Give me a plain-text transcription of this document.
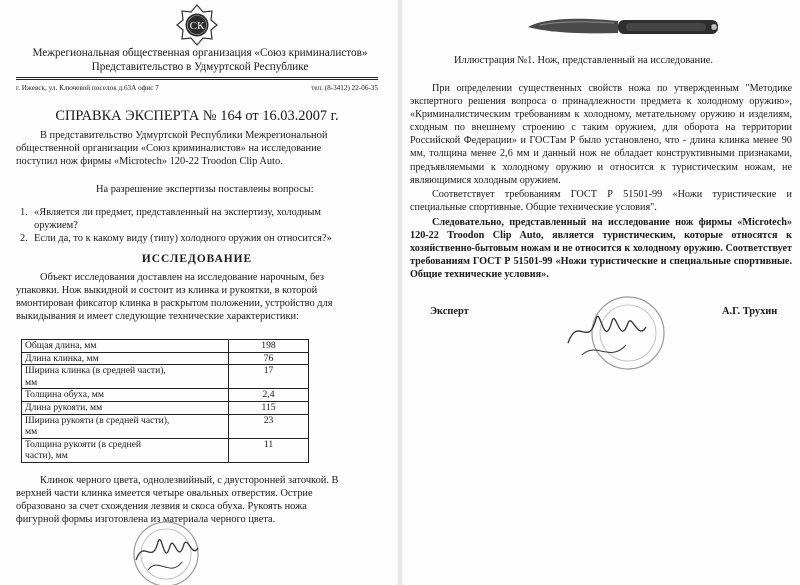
СК
Межрегиональная общественная организация «Союз криминалистов»
Представительство в Удмуртской Республике
г. Ижевск, ул. Ключевой поселок д.63А офис 7	тел. (8-3412) 22-06-35
СПРАВКА ЭКСПЕРТА № 164 от 16.03.2007 г.
В представительство Удмуртской Республики Межрегиональной
общественной организации «Союз криминалистов» на исследование
поступил нож фирмы «Microtech» 120-22 Troodon Clip Auto.
На разрешение экспертизы поставлены вопросы:
1. «Является ли предмет, представленный на экспертизу, холодным
оружием?
2. Если да, то к какому виду (типу) холодного оружия он относится?»
ИССЛЕДОВАНИЕ
Объект исследования доставлен на исследование нарочным, без
упаковки. Нож выкидной и состоит из клинка и рукоятки, в которой
вмонтирован фиксатор клинка в раскрытом положении, устройство для
выкидывания и имеет следующие технические характеристики:
Общая длина, мм	198
Длина клинка, мм	76

Ширина клинка (в средней части),
мм	17
Толщина обуха, мм	2,4
Длина рукояти, мм	115

Ширина рукояти (в средней части),
мм	23

Толщина рукояти (в средней
части), мм	11
Клинок черного цвета, однолезвийный, с двусторонней заточкой. В
верхней части клинка имеется четыре овальных отверстия. Острие
образовано за счет схождения лезвия и скоса обуха. Рукоять ножа
фигурной формы изготовлена из материала черного цвета.
Иллюстрация №1. Нож, представленный на исследование.

При определении существенных свойств ножа по утвержденным "Методике экспертного решения вопроса о принадлежности предмета к холодному оружию», «Криминалистическим требованиям к холодному, метательному оружию и изделиям, сходным по внешнему строению с таким оружием, для оборота на территории Российской Федерации» и ГОСТам Р было установлено, что - длина клинка менее 90 мм, толщина менее 2,6 мм и данный нож не обладает конструктивными признаками, предъявляемыми к холодному оружию и относится к туристическим ножам, не являющимися холодным оружием.

Соответствует требованиям ГОСТ Р 51501-99 «Ножи туристические и специальные спортивные. Общие технические условия".

Следовательно, представленный на исследование нож фирмы «Microtech» 120-22 Troodon Clip Auto, является туристическим, которые относятся к хозяйственно-бытовым ножам и не относится к холодному оружию. Соответствует требованиям ГОСТ Р 51501-99 «Ножи туристические и специальные спортивные. Общие технические условия».

Эксперт	А.Г. Трухин
